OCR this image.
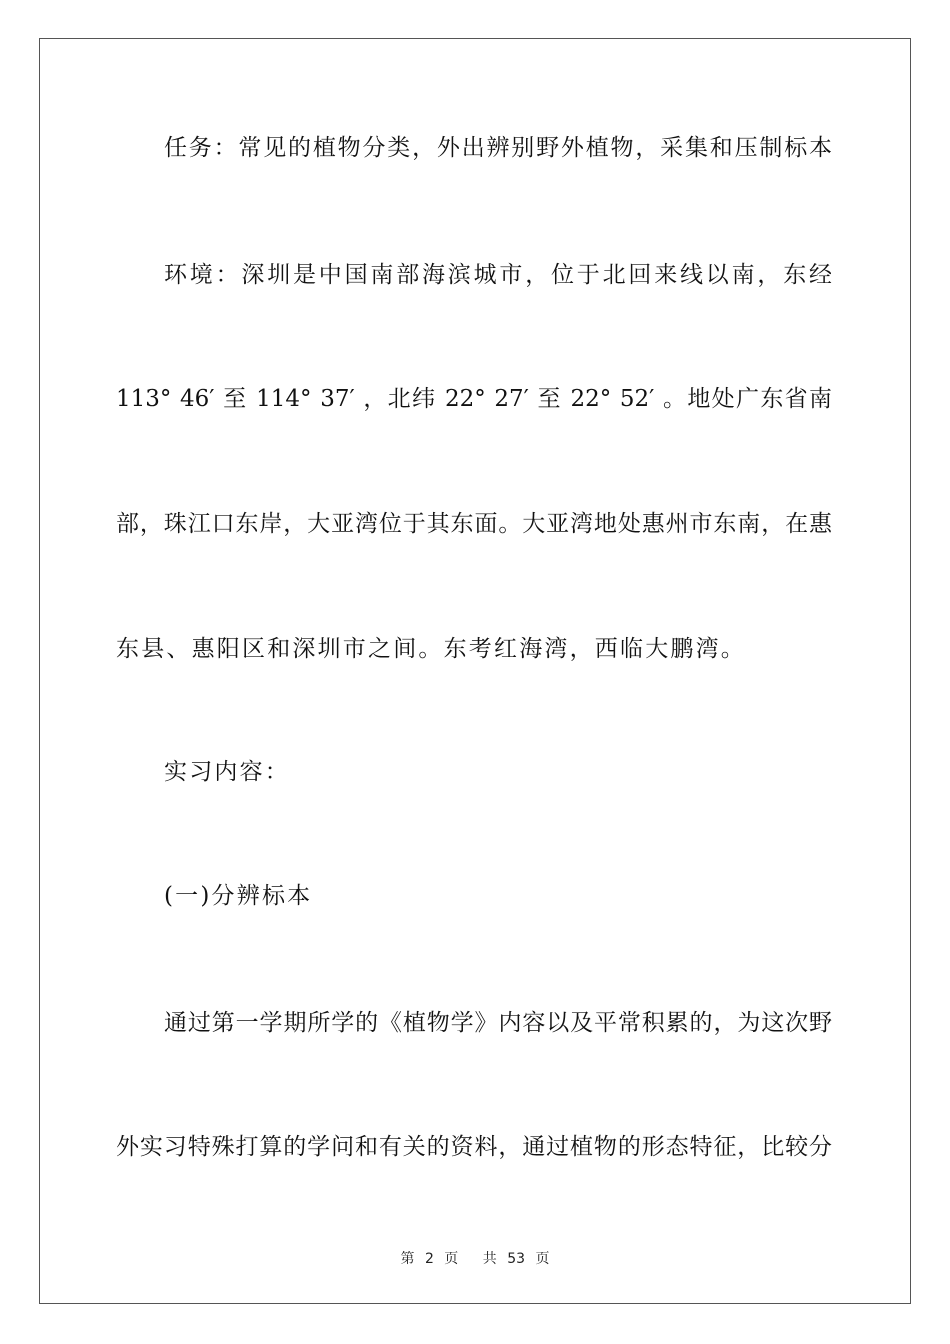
任务：常见的植物分类，外出辨别野外植物，采集和压制标本
环境：深圳是中国南部海滨城市，位于北回来线以南，东经
113° 46′ 至 114° 37′ ，北纬 22° 27′ 至 22° 52′ 。地处广东省南
部，珠江口东岸，大亚湾位于其东面。大亚湾地处惠州市东南，在惠
东县、惠阳区和深圳市之间。东考红海湾，西临大鹏湾。
实习内容：
(一)分辨标本
通过第一学期所学的《植物学》内容以及平常积累的，为这次野
外实习特殊打算的学问和有关的资料，通过植物的形态特征，比较分
第 2 页　 共 53 页
